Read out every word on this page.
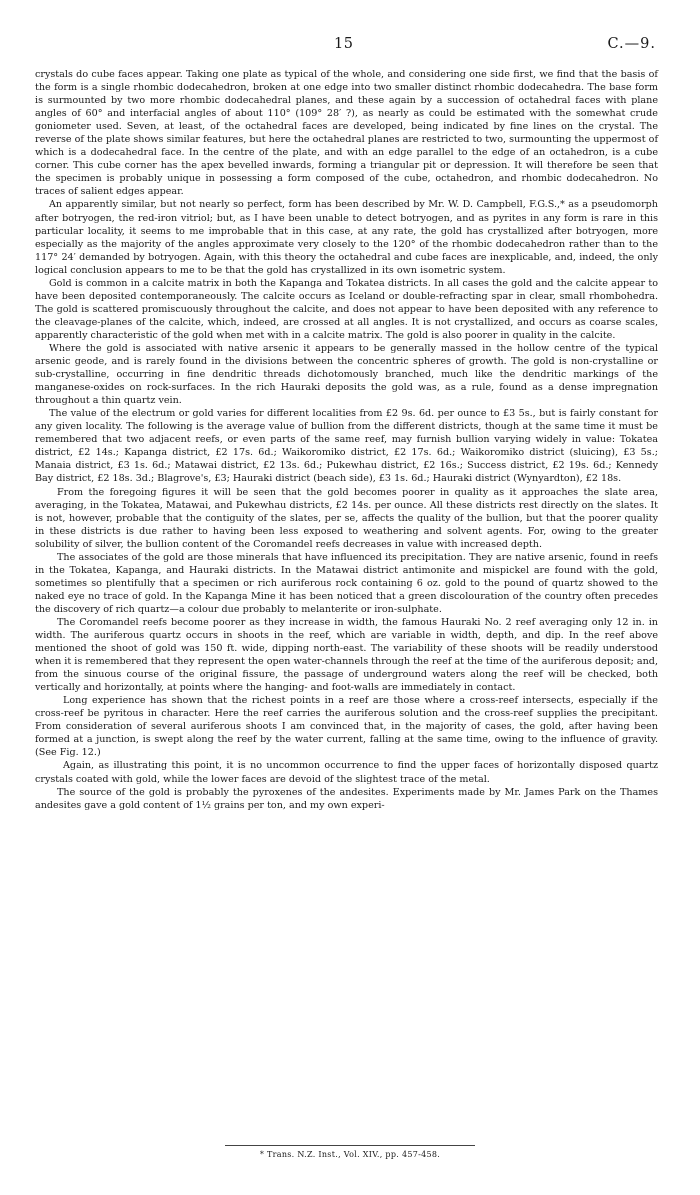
15	C.—9.

crystals do cube faces appear. Taking one plate as typical of the whole, and considering one side first, we find that the basis of the form is a single rhombic dodecahedron, broken at one edge into two smaller distinct rhombic dodecahedra. The base form is surmounted by two more rhombic dodecahedral planes, and these again by a succession of octahedral faces with plane angles of 60° and interfacial angles of about 110° (109° 28′ ?), as nearly as could be estimated with the somewhat crude goniometer used. Seven, at least, of the octahedral faces are developed, being indicated by fine lines on the crystal. The reverse of the plate shows similar features, but here the octahedral planes are restricted to two, surmounting the uppermost of which is a dodecahedral face. In the centre of the plate, and with an edge parallel to the edge of an octahedron, is a cube corner. This cube corner has the apex bevelled inwards, forming a triangular pit or depression. It will therefore be seen that the specimen is probably unique in possessing a form composed of the cube, octahedron, and rhombic dodecahedron. No traces of salient edges appear.

An apparently similar, but not nearly so perfect, form has been described by Mr. W. D. Campbell, F.G.S.,* as a pseudomorph after botryogen, the red-iron vitriol; but, as I have been unable to detect botryogen, and as pyrites in any form is rare in this particular locality, it seems to me improbable that in this case, at any rate, the gold has crystallized after botryogen, more especially as the majority of the angles approximate very closely to the 120° of the rhombic dodecahedron rather than to the 117° 24′ demanded by botryogen. Again, with this theory the octahedral and cube faces are inexplicable, and, indeed, the only logical conclusion appears to me to be that the gold has crystallized in its own isometric system.

Gold is common in a calcite matrix in both the Kapanga and Tokatea districts. In all cases the gold and the calcite appear to have been deposited contemporaneously. The calcite occurs as Iceland or double-refracting spar in clear, small rhombohedra. The gold is scattered promiscuously throughout the calcite, and does not appear to have been deposited with any reference to the cleavage-planes of the calcite, which, indeed, are crossed at all angles. It is not crystallized, and occurs as coarse scales, apparently characteristic of the gold when met with in a calcite matrix. The gold is also poorer in quality in the calcite.

Where the gold is associated with native arsenic it appears to be generally massed in the hollow centre of the typical arsenic geode, and is rarely found in the divisions between the concentric spheres of growth. The gold is non-crystalline or sub-crystalline, occurring in fine dendritic threads dichotomously branched, much like the dendritic markings of the manganese-oxides on rock-surfaces. In the rich Hauraki deposits the gold was, as a rule, found as a dense impregnation throughout a thin quartz vein.

The value of the electrum or gold varies for different localities from £2 9s. 6d. per ounce to £3 5s., but is fairly constant for any given locality. The following is the average value of bullion from the different districts, though at the same time it must be remembered that two adjacent reefs, or even parts of the same reef, may furnish bullion varying widely in value: Tokatea district, £2 14s.; Kapanga district, £2 17s. 6d.; Waikoromiko district, £2 17s. 6d.; Waikoromiko district (sluicing), £3 5s.; Manaia district, £3 1s. 6d.; Matawai district, £2 13s. 6d.; Pukewhau district, £2 16s.; Success district, £2 19s. 6d.; Kennedy Bay district, £2 18s. 3d.; Blagrove's, £3; Hauraki district (beach side), £3 1s. 6d.; Hauraki district (Wynyardton), £2 18s.

From the foregoing figures it will be seen that the gold becomes poorer in quality as it approaches the slate area, averaging, in the Tokatea, Matawai, and Pukewhau districts, £2 14s. per ounce. All these districts rest directly on the slates. It is not, however, probable that the contiguity of the slates, per se, affects the quality of the bullion, but that the poorer quality in these districts is due rather to having been less exposed to weathering and solvent agents. For, owing to the greater solubility of silver, the bullion content of the Coromandel reefs decreases in value with increased depth.

The associates of the gold are those minerals that have influenced its precipitation. They are native arsenic, found in reefs in the Tokatea, Kapanga, and Hauraki districts. In the Matawai district antimonite and mispickel are found with the gold, sometimes so plentifully that a specimen or rich auriferous rock containing 6 oz. gold to the pound of quartz showed to the naked eye no trace of gold. In the Kapanga Mine it has been noticed that a green discolouration of the country often precedes the discovery of rich quartz—a colour due probably to melanterite or iron-sulphate.

The Coromandel reefs become poorer as they increase in width, the famous Hauraki No. 2 reef averaging only 12 in. in width. The auriferous quartz occurs in shoots in the reef, which are variable in width, depth, and dip. In the reef above mentioned the shoot of gold was 150 ft. wide, dipping north-east. The variability of these shoots will be readily understood when it is remembered that they represent the open water-channels through the reef at the time of the auriferous deposit; and, from the sinuous course of the original fissure, the passage of underground waters along the reef will be checked, both vertically and horizontally, at points where the hanging- and foot-walls are immediately in contact.

Long experience has shown that the richest points in a reef are those where a cross-reef intersects, especially if the cross-reef be pyritous in character. Here the reef carries the auriferous solution and the cross-reef supplies the precipitant. From consideration of several auriferous shoots I am convinced that, in the majority of cases, the gold, after having been formed at a junction, is swept along the reef by the water current, falling at the same time, owing to the influence of gravity. (See Fig. 12.)

Again, as illustrating this point, it is no uncommon occurrence to find the upper faces of horizontally disposed quartz crystals coated with gold, while the lower faces are devoid of the slightest trace of the metal.

The source of the gold is probably the pyroxenes of the andesites. Experiments made by Mr. James Park on the Thames andesites gave a gold content of 1½ grains per ton, and my own experi-

* Trans. N.Z. Inst., Vol. XIV., pp. 457-458.
